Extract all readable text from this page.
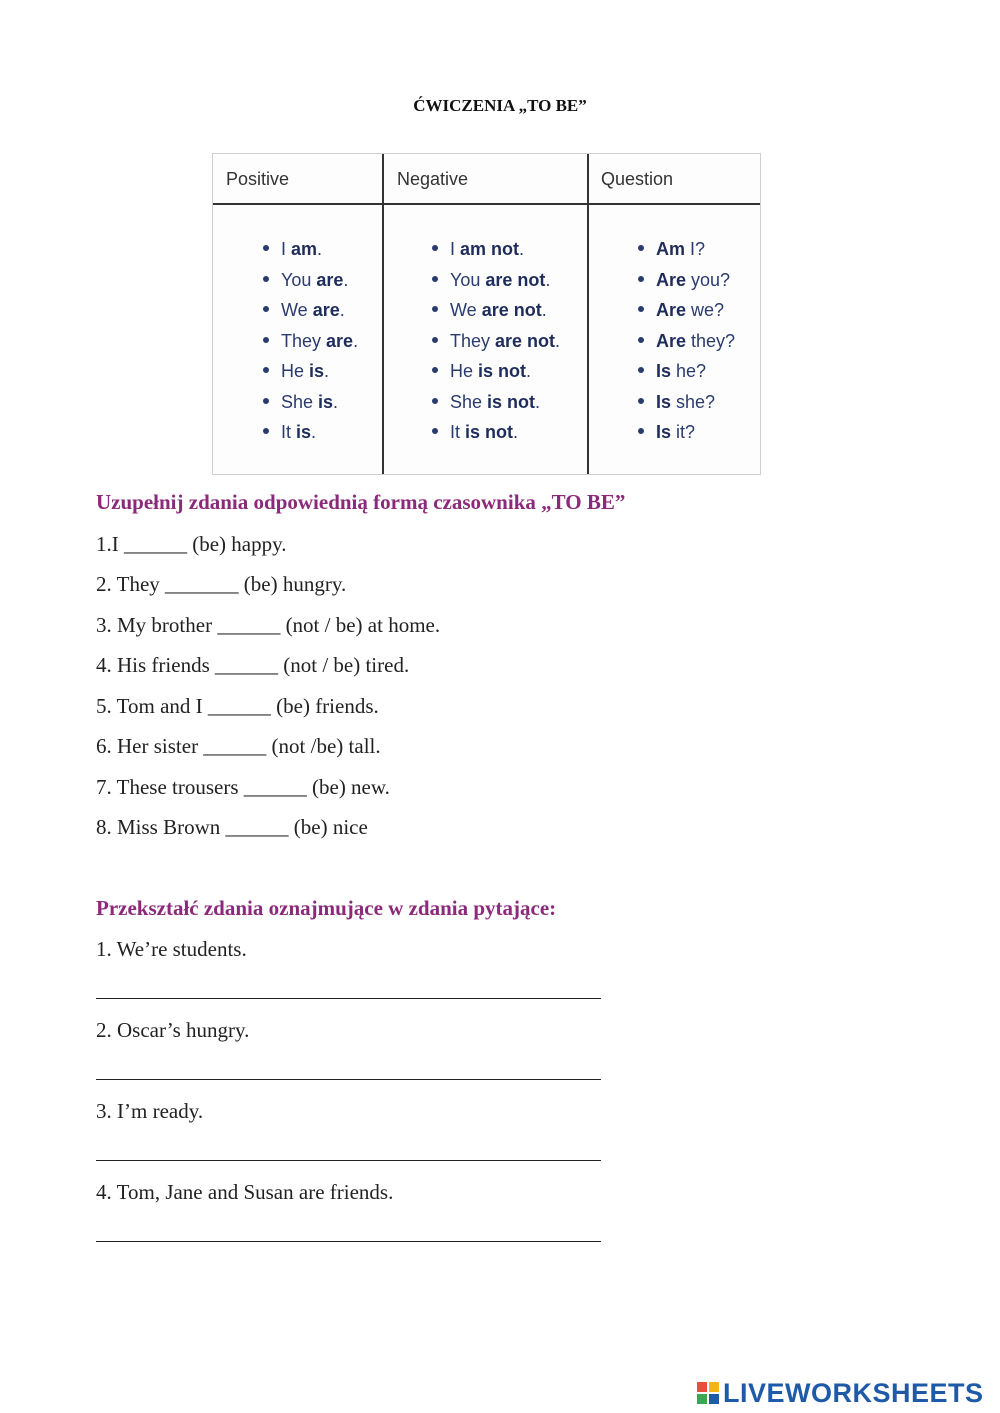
ĆWICZENIA „TO BE”
Positive	Negative	Question
I am.
You are.
We are.
They are.
He is.
She is.
It is.
I am not.
You are not.
We are not.
They are not.
He is not.
She is not.
It is not.
Am I?
Are you?
Are we?
Are they?
Is he?
Is she?
Is it?
Uzupełnij zdania odpowiednią formą czasownika „TO BE”
1.I ______ (be) happy.
2. They _______ (be) hungry.
3. My brother ______ (not / be) at home.
4. His friends ______ (not / be) tired.
5. Tom and I ______ (be) friends.
6. Her sister ______ (not /be) tall.
7. These trousers ______ (be) new.
8. Miss Brown ______ (be) nice
Przekształć zdania oznajmujące w zdania pytające:
1. We’re students.
2. Oscar’s hungry.
3. I’m ready.
4. Tom, Jane and Susan are friends.
LIVEWORKSHEETS
